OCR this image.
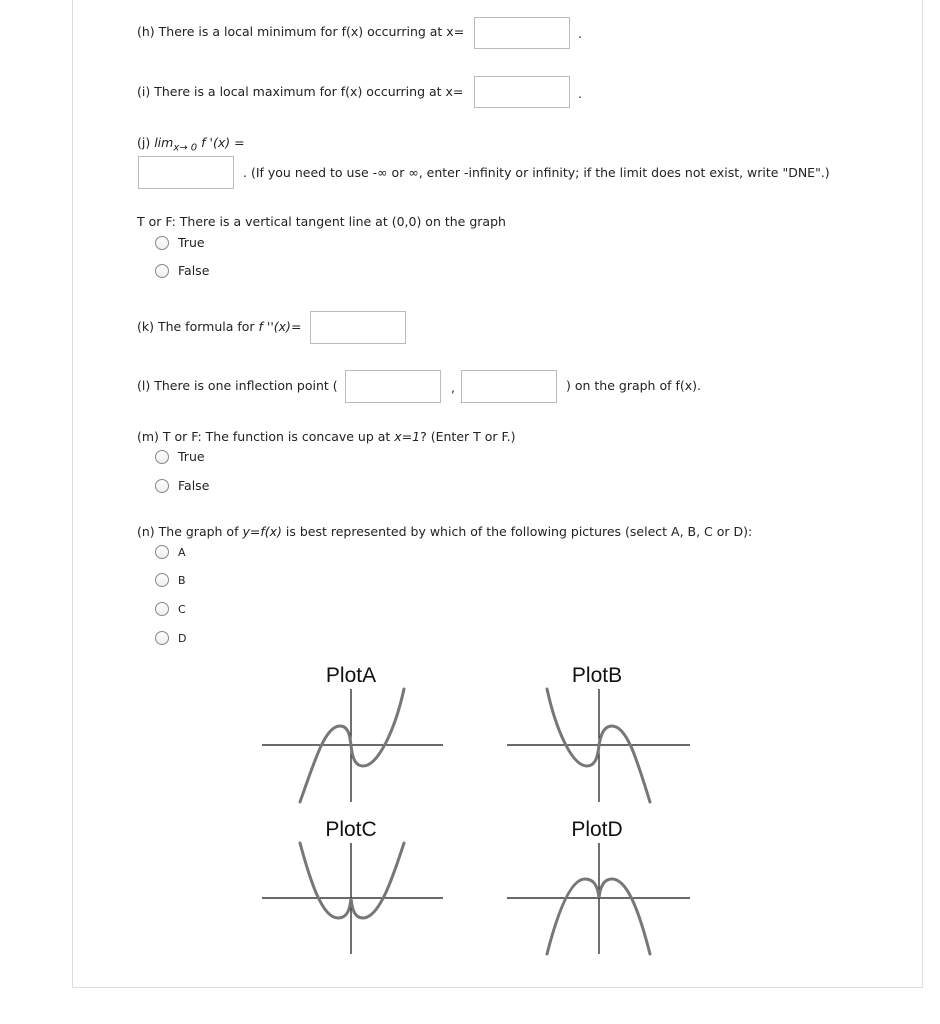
(h) There is a local minimum for f(x) occurring at x=	.
(i) There is a local maximum for f(x) occurring at x=	.
(j) $\lim_{x\to 0} f$ '(x) =
. (If you need to use -∞ or ∞, enter -infinity or infinity; if the limit does not exist, write "DNE".)
T or F: There is a vertical tangent line at (0,0) on the graph
True
False
(k) The formula for f ''(x)=
(l) There is one inflection point (	,	) on the graph of f(x).
(m) T or F: The function is concave up at x=1? (Enter T or F.)
True
False
(n) The graph of y=f(x) is best represented by which of the following pictures (select A, B, C or D):
A
B
C
D
PlotA	PlotB
PlotC	PlotD
